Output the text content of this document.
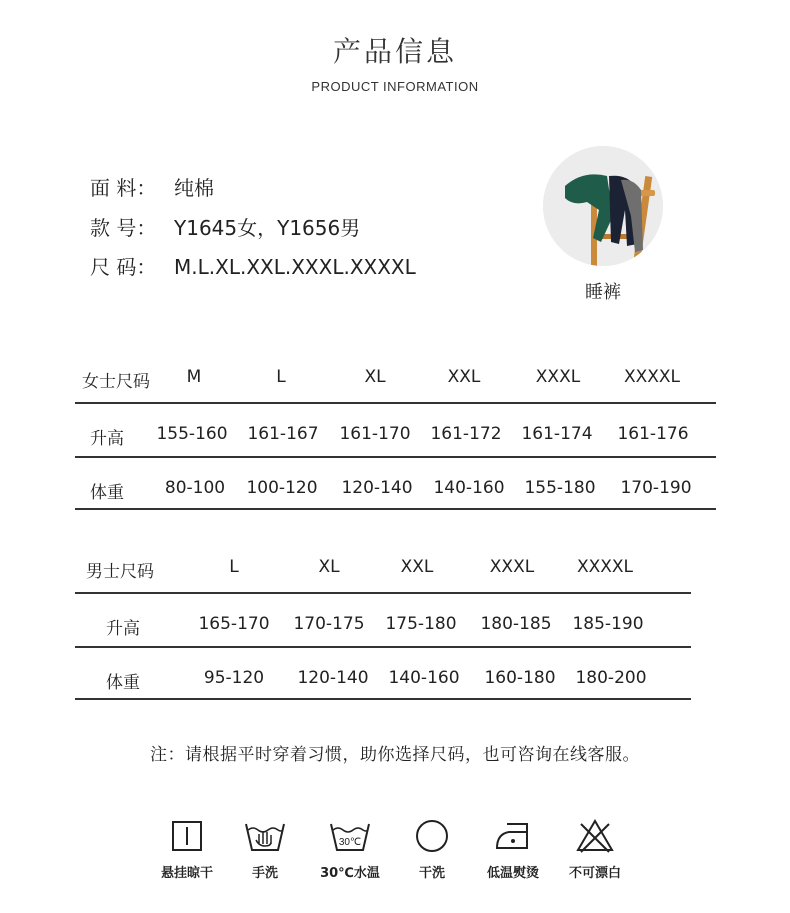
产品信息
PRODUCT INFORMATION
面 料： 纯棉
款 号： Y1645女，Y1656男
尺 码： M.L.XL.XXL.XXXL.XXXXL
睡裤
女士尺码 M	L	XL	XXL	XXXL	XXXXL
升高 155-160 161-167 161-170 161-172 161-174 161-176
体重 80-100 100-120 120-140 140-160 155-180 170-190
男士尺码	L	XL	XXL	XXXL	XXXXL
升高	165-170 170-175 175-180 180-185 185-190
体重	95-120 120-140 140-160 160-180 180-200
注：请根据平时穿着习惯，助你选择尺码，也可咨询在线客服。
悬挂晾干	手洗
30℃
30℃水温	干洗	低温熨烫	不可漂白
